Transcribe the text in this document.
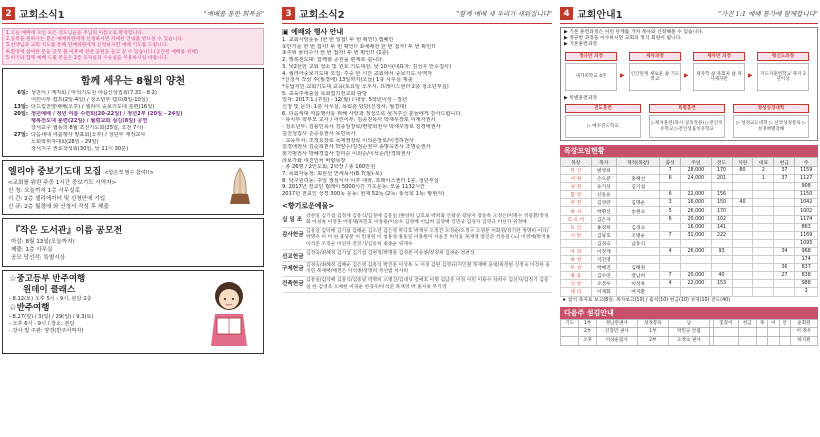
2 교회소식1	"예배를 통한 회복을"
1.오늘 예배에 오신 모든 성도님들을 주님의 이름으로 환영합니다.
2.등록을 원하시는 분은 예배위원에게 신청하시면 자세한 안내를 받으실 수 있습니다.
3.선생님과 교회 지도를 통해 연예위원에게 신청하시면 예배 기도를 드립니다.
4.환영에 참여한 분들 공무 볼 이후에 연천 공원을 들고 갈 수 있습니다.(공간한 예배를 위해)
5.아기와 함께 예배 드릴 분들은 2층 모자실과 수유실을 이용하시실 바랍니다.
함께 세우는 8월의 양천
6일: 성찬식 / 제직회 / 마석기도원 여름산상집회(7.31 - 8.2)
어린이부 캠프(2일-4일) / 청소년부 캠프(8일-10일)
13일: 다드림찬양예배(오후) / 셀리아 중보기도대 훈련(16일)
20일: 청년예배 / 청년 여름 수련회(20-22일) / 청년2부 (20일 - 24일)
행복전도대 훈련(22일) / 월령교회 섬김(8일) 공연
강서교구 협동의 8월 조찬기도회(25일, 오전 7시)
27일: 다음세대 여름행사 발표회(오후) / 청년부 재정교사
노회학위자대회(28일 - 29일)
강서지구 권로착석회(30일, 낮 11시 30분)
엘리야 중보기도대 모집 <함온적 필수 참여!!>
<교회를 위한 주중 1시간 중보기도 사역자>
신 청: 오늘까지 1층 사무실로
시 간: 2층 셀리에이터 및 신청안에 기입
신 규: 2층 월경에 와 신청서 작성 후 제출
『작은 도서관』이름 공모전
마감: 8월 13일(오늘까지)
제출: 1층 사무실
공모 당선작: 특별시상
☆중고등부 반주여행
원데이 클래스
- 8.12(토) 오후 5시 - 9시, 본당 2층
☆반주여행
- 8.27(일) / 3(일) / 29(일) / 9.3(토)
- 오후 6시 - 9시 / 장소: 본당
- 강사 및 주관: 양경(반주사역자)
3 교회소식2	"함께 예배 새 우리가 세워집니다"
▣ 예배와 행사 안내
1. 교회사랑운동 (한 번 일접! 두 번 확인!) 캠페인
①안기를 한 번 접자! 두 번 확인!! ②예배전 한 번 접자! 두 번 확인!!
③주위 물리수가 한 번 접자! 두 번 확인!! (1층)
2. 행복전도대: 함께할 공원을 관계로 쉽니다.
3. 낮2선한 교회 청소 및 원호 기도대원: 낮 10시(대표자: 김성우 안수집사)
4. 셀리아중보기도대 모집: 주중 한 시간 교회에서 중보기도 사역자
*신청서 작성 후(월경에) 13일까지(오늘) 1층 사무실 제출
*응답지인 교회기도대 교육(토요일 오후시, 프레이스센터 2층 청소년부실)
5. 교육주세출실 목회업기전교회 담당
일자: 2017.1.(주일) - 12(월) / 대상: 5학년이상 - 장년
신청 및 문의: 1층 사무실, 목회훈 담당(신청서: 월경대)
6. 다음세대 여름행사를 위해 사랑과 정성으로 섬겨주신 분들에게 감사드립니다.
· 유치부 학부모 교사 / 어린이부: 김종진목사 박재우장로 이재자권사
· 청소년부: 김용인목사 김종일장로/변양희권사 박재우장로 김경애권사
김진성집사 손승룡권사 목민목사
· 교육부서: 조정호장로 목재영장로 이석준장로/이경하권사
김경애권사 김순희권사 박양수/김정순권사 송명옥권사 조명순권사
홍기범권사 박혜경집사 강미순 이외순/이석준/안경희권사
라보가화 여진인차 바람목장
· 총 26명 / 2인도회, 2학장 / 총 160만원
7. 목회자동정: 최원선 연세목사(8.7(월)-토)
8. 탁구원리동: 주일 점심식사 이후 대학, 프레이스센터 1층, 청년부실
9. 2017년 전교인 릴레이 5000시간 기도운동: 모을 1132시간
2017년 전교인 성경 300독 운동: 현재 52독 (2독: 홍석희 1독: 황현식)
<향기로운예물>
십 일 조
강찬일 김기섭 김정재 김흥식/김경애 김흥일 /변양희 남호보 박희출 안광문 장당자 장동록 오정은/이명수 정흥환/정경화 이성옥 이정혼 이흥채/차민호 이흥용/이승우 김영배 이남희 김영배 강민규 김경자 김영규 이선자 위정배
감사헌금
김흥일 김덕배 김기섭 김해순 김소연 김은영 박극호 박재우 오정진 오정순/오정구 오영분 이화영/정기란 정명희 이다/박명수 이 이 한 홍당분 이 민경원 이 청용경 홍동일 이종원이 지윤진 허석동 목재영 장진준 석흥길 (노) 이영배/박지홍 이석준 조정순 이선자 전진기/김동희 최종순 위재우
선교헌금
김정숙/최혜정 김기섭 김기섭 김현정/박명훈 김경분 이유종/장경희 김경순 정천성
구제헌금
김경숙/최혜정 김해순 김은영 김흥식 박진훈 이성옥 노 이경 김원 김영규/지인철 목재배 윤대/최정현 신정숙 이정한 윤지민 목재배/배전은 이석종/장명희 정선범 차사희
건축헌금
김흥일/김덕배 김흥식/김흥일 박명희 오명진/김대성 장애호 이명 김남준 이경 이민 이용수 차희수 김선자/김정기 김흥일 한 김영욱 오예현 이경운 한경우/이석준 목재영 박 홍지옥 무기영
4 교회안내1	"가진 1:1 예배 통가예 함께합니다"
▶ 기본 훈련과정은 이런 단계를 거쳐 목사와 신장해볼 수 있습니다.
▶ 정규반 과정을 이수하시면 교회의 정식 회원이 됩니다.
▶ 기본훈련과정
정규반 과정
새가족학교 4주	▶
제자과정
인간관계 새로운 삶 기도학교
▶
제자반 과정
제자학 삶 목회자 삶 목사제자반
▶
평신도과정
지도자훈련학교 목자 2년이상
▶ 특별훈련과정
전도훈련
▷ 예수전도학교
특별훈련
▷제자훈련(목사 상호작용) ▷전인치유학교 ▷전인성품치유학교
영성성경대학
▷ 성경교도대학 ▷ 신약성경통독 ▷ 성경책별강해
목장모임현황
목장	목자	재적(목장)	출석	주일	전도	지원	대표	헌금	주
특 인	변영희		7	28,000	170	80	2	37	1159
서 원	손오분	홍혜선	6	24,000	201		1	37	1127
성 령	유기선	김기섭							908
합 강	신동윤		6	22,000	156				1150
주 잔	김영란	김명순	3	16,000	150	40			1042
하 사	박명선	송현숙	5	26,000	170				1002
흐 르 이	김은자		6	20,000	102				1174
트 인	홍경희	김경숙		16,000	141				863
시 만	김당호	조명순	7	31,000	222				1169
	김경숙	남흥식							1095
아 라	이정재		4	26,000	93			34	968
하 천	석진영								174
두 선	박혜진	김해원						36	837
광 동	김수연	장남희	7	20,000	40			27	838
신 앙	오정우	이성옥	4	22,000	153				988
대 리	이재화	여지환							1
★ 참석 목자표 보고(8일: 목자보고(10) / 출석(10) 헌금(10) 성경(10) 전도(40)
다음주 섬김안내
기도	1부	정남란권사	성경봉독	남		꽃꽂이	헌금	목	이	안	윤회원
	2부	신충만 권사	1부	박민규 안집							이 정우
	오후	이상순집사	2부	오정숙 권사							하지원
